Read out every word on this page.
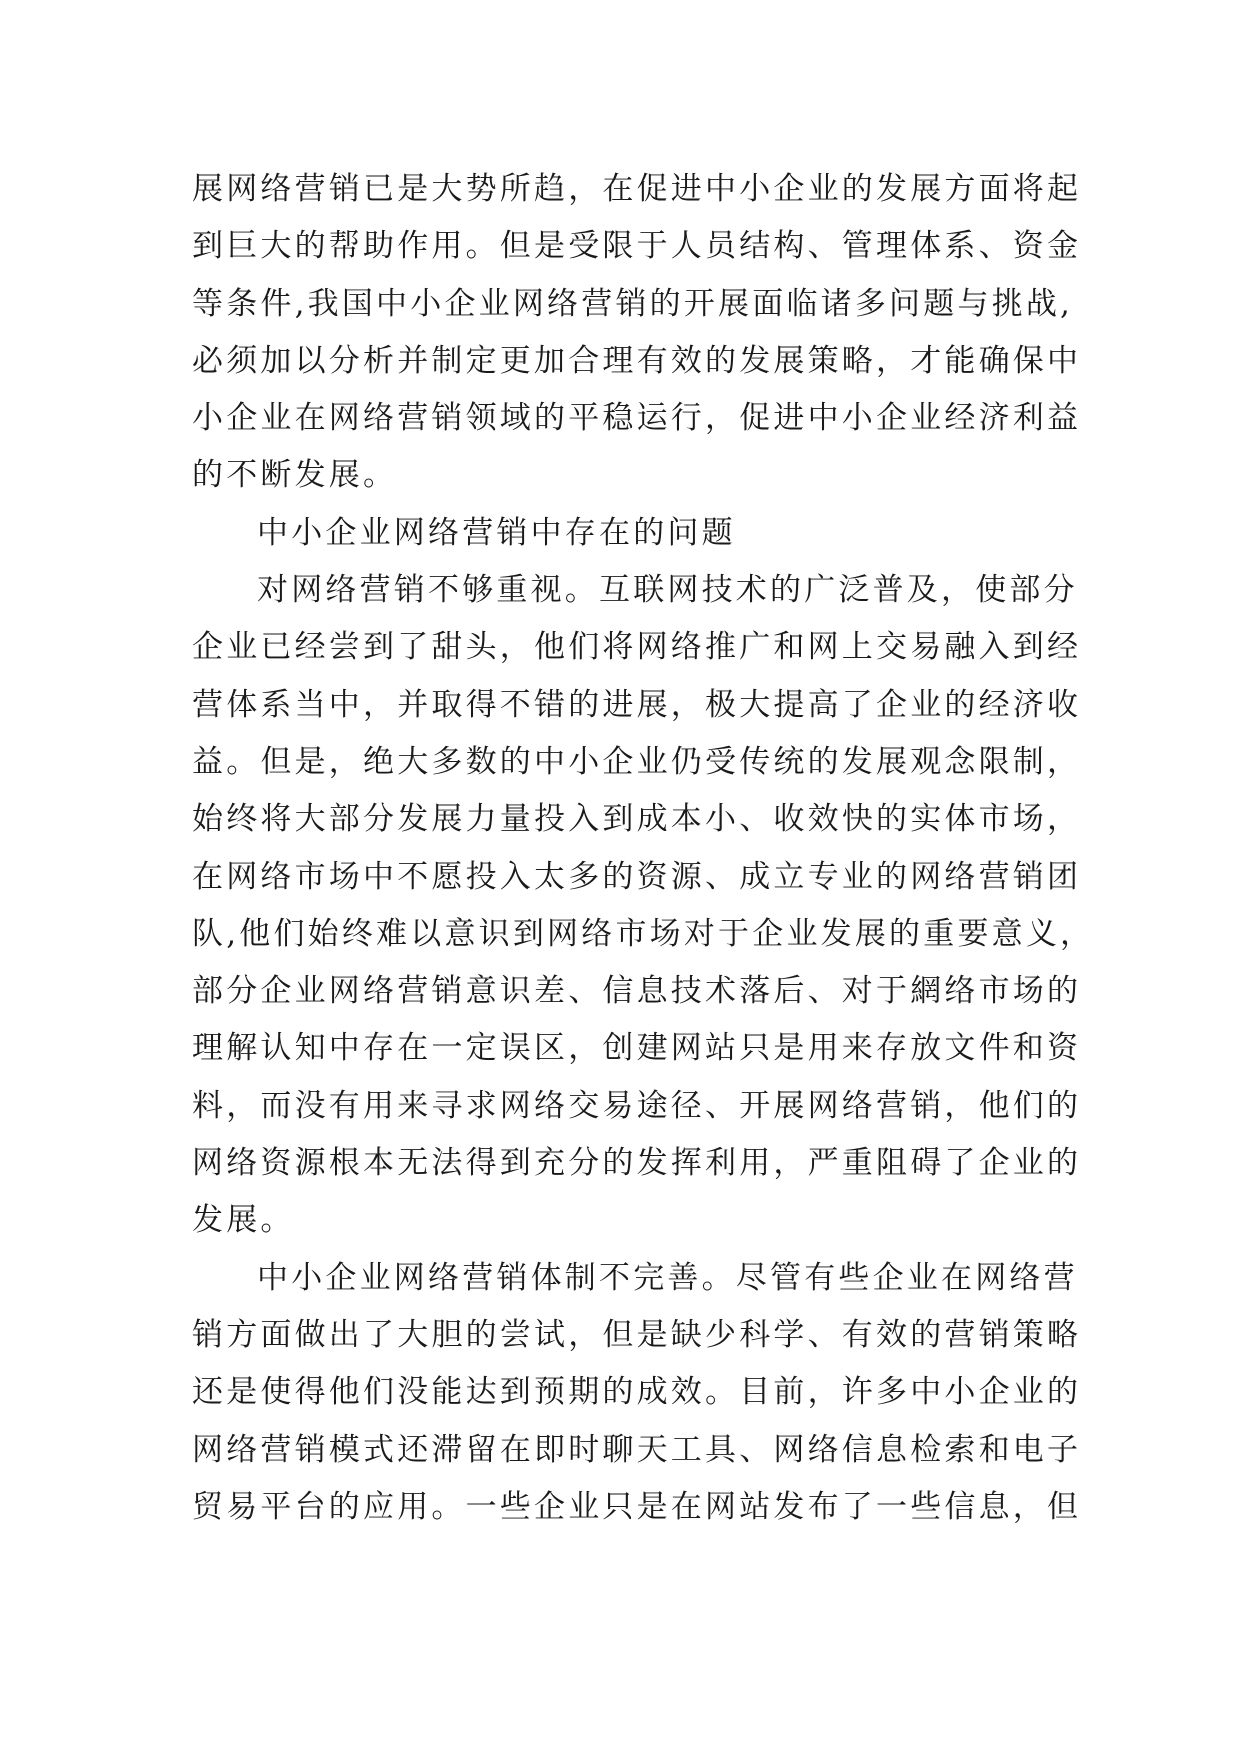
展网络营销已是大势所趋，在促进中小企业的发展方面将起
到巨大的帮助作用。但是受限于人员结构、管理体系、资金
等条件,我国中小企业网络营销的开展面临诸多问题与挑战,
必须加以分析并制定更加合理有效的发展策略，才能确保中
小企业在网络营销领域的平稳运行，促进中小企业经济利益
的不断发展。
中小企业网络营销中存在的问题
对网络营销不够重视。互联网技术的广泛普及，使部分
企业已经尝到了甜头，他们将网络推广和网上交易融入到经
营体系当中，并取得不错的进展，极大提高了企业的经济收
益。但是，绝大多数的中小企业仍受传统的发展观念限制，
始终将大部分发展力量投入到成本小、收效快的实体市场，
在网络市场中不愿投入太多的资源、成立专业的网络营销团
队,他们始终难以意识到网络市场对于企业发展的重要意义，
部分企业网络营销意识差、信息技术落后、对于網络市场的
理解认知中存在一定误区，创建网站只是用来存放文件和资
料，而没有用来寻求网络交易途径、开展网络营销，他们的
网络资源根本无法得到充分的发挥利用，严重阻碍了企业的
发展。
中小企业网络营销体制不完善。尽管有些企业在网络营
销方面做出了大胆的尝试，但是缺少科学、有效的营销策略
还是使得他们没能达到预期的成效。目前，许多中小企业的
网络营销模式还滞留在即时聊天工具、网络信息检索和电子
贸易平台的应用。一些企业只是在网站发布了一些信息，但
